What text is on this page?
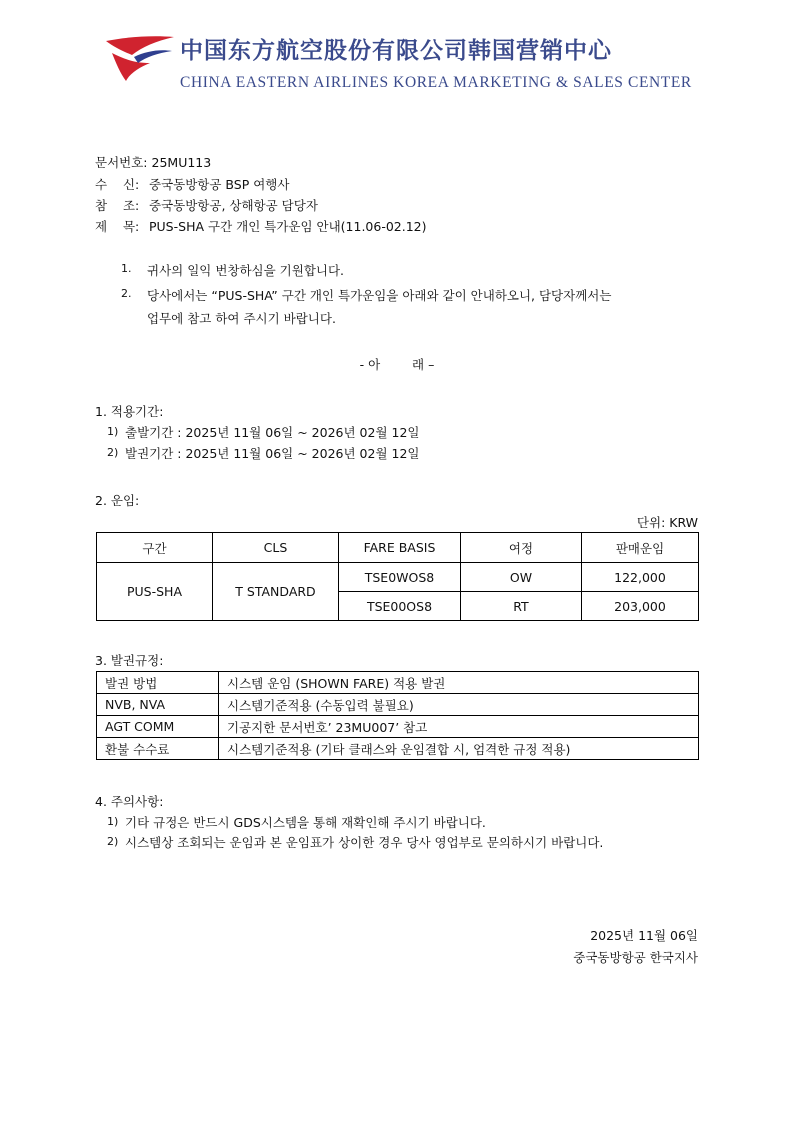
中国东方航空股份有限公司韩国营销中心
CHINA EASTERN AIRLINES KOREA MARKETING & SALES CENTER
문서번호: 25MU113
수    신: 중국동방항공 BSP 여행사
참    조: 중국동방항공, 상해항공 담당자
제    목: PUS-SHA 구간 개인 특가운임 안내(11.06-02.12)
1. 귀사의 일익 번창하심을 기원합니다.
2. 당사에서는 “PUS-SHA” 구간 개인 특가운임을 아래와 같이 안내하오니, 담당자께서는
업무에 참고 하여 주시기 바랍니다.
- 아        래 –
1. 적용기간:
1) 출발기간 : 2025년 11월 06일 ~ 2026년 02월 12일
2) 발권기간 : 2025년 11월 06일 ~ 2026년 02월 12일
2. 운임:
단위: KRW
구간	CLS	FARE BASIS	여정	판매운임
PUS-SHA	T STANDARD	TSE0WOS8	OW	122,000
		TSE00OS8	RT	203,000
3. 발권규정:
발권 방법	시스템 운임 (SHOWN FARE) 적용 발권
NVB, NVA	시스템기준적용 (수동입력 불필요)
AGT COMM	기공지한 문서번호’ 23MU007’ 참고
환불 수수료	시스템기준적용 (기타 클래스와 운임결합 시, 엄격한 규정 적용)
4. 주의사항:
1) 기타 규정은 반드시 GDS시스템을 통해 재확인해 주시기 바랍니다.
2) 시스템상 조회되는 운임과 본 운임표가 상이한 경우 당사 영업부로 문의하시기 바랍니다.
2025년 11월 06일
중국동방항공 한국지사
